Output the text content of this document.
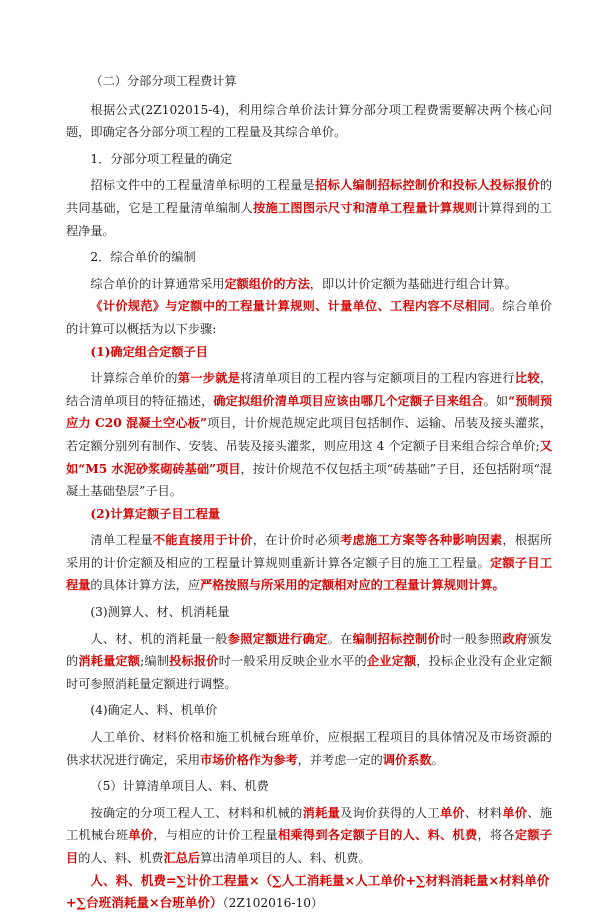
（二）分部分项工程费计算

根据公式(2Z102015-4)，利用综合单价法计算分部分项工程费需要解决两个核心问题，即确定各分部分项工程的工程量及其综合单价。

1．分部分项工程量的确定

招标文件中的工程量清单标明的工程量是招标人编制招标控制价和投标人投标报价的共同基础，它是工程量清单编制人按施工图图示尺寸和清单工程量计算规则计算得到的工程净量。

2．综合单价的编制

综合单价的计算通常采用定额组价的方法，即以计价定额为基础进行组合计算。

《计价规范》与定额中的工程量计算规则、计量单位、工程内容不尽相同。综合单价的计算可以概括为以下步骤:

(1)确定组合定额子目

计算综合单价的第一步就是将清单项目的工程内容与定额项目的工程内容进行比较，结合清单项目的特征描述，确定拟组价清单项目应该由哪几个定额子目来组合。如“预制预应力 C20 混凝土空心板”项目，计价规范规定此项目包括制作、运输、吊装及接头灌浆，若定额分别列有制作、安装、吊装及接头灌浆，则应用这 4 个定额子目来组合综合单价;又如“M5 水泥砂浆砌砖基础”项目，按计价规范不仅包括主项“砖基础”子目，还包括附项“混凝土基础垫层”子目。

(2)计算定额子目工程量

清单工程量不能直接用于计价，在计价时必须考虑施工方案等各种影响因素，根据所采用的计价定额及相应的工程量计算规则重新计算各定额子目的施工工程量。定额子目工程量的具体计算方法，应严格按照与所采用的定额相对应的工程量计算规则计算。

(3)测算人、材、机消耗量

人、材、机的消耗量一般参照定额进行确定。在编制招标控制价时一般参照政府颁发的消耗量定额;编制投标报价时一般采用反映企业水平的企业定额，投标企业没有企业定额时可参照消耗量定额进行调整。

(4)确定人、料、机单价

人工单价、材料价格和施工机械台班单价，应根据工程项目的具体情况及市场资源的供求状况进行确定，采用市场价格作为参考，并考虑一定的调价系数。

（5）计算清单项目人、料、机费

按确定的分项工程人工、材料和机械的消耗量及询价获得的人工单价、材料单价、施工机械台班单价，与相应的计价工程量相乘得到各定额子目的人、料、机费，将各定额子目的人、料、机费汇总后算出清单项目的人、料、机费。

人、料、机费=∑计价工程量×（∑人工消耗量×人工单价+∑材料消耗量×材料单价+∑台班消耗量×台班单价）（2Z102016-10）
